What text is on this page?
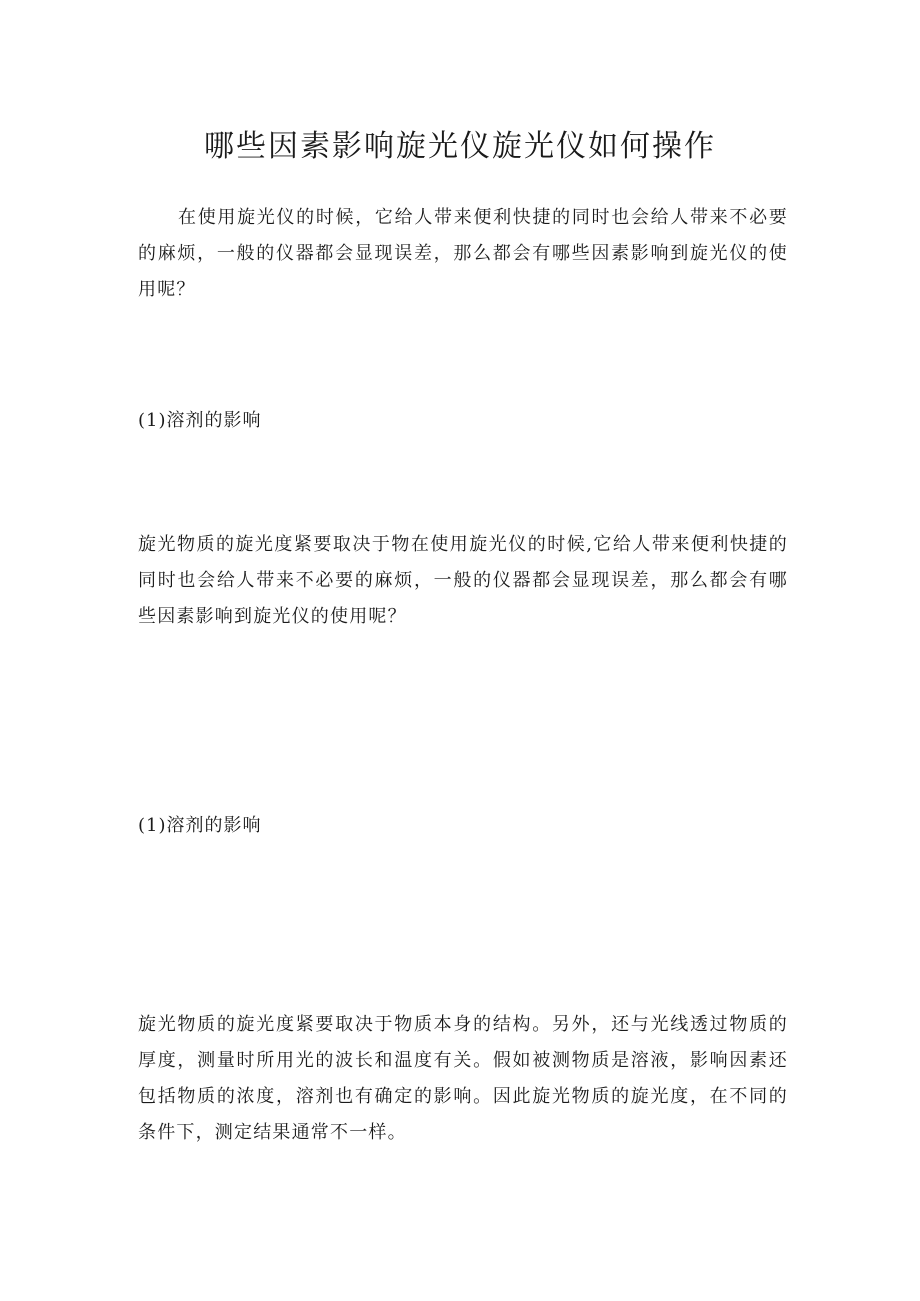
哪些因素影响旋光仪旋光仪如何操作

在使用旋光仪的时候，它给人带来便利快捷的同时也会给人带来不必要的麻烦，一般的仪器都会显现误差，那么都会有哪些因素影响到旋光仪的使用呢？

(1)溶剂的影响

旋光物质的旋光度紧要取决于物在使用旋光仪的时候,它给人带来便利快捷的同时也会给人带来不必要的麻烦，一般的仪器都会显现误差，那么都会有哪些因素影响到旋光仪的使用呢？

(1)溶剂的影响

旋光物质的旋光度紧要取决于物质本身的结构。另外，还与光线透过物质的厚度，测量时所用光的波长和温度有关。假如被测物质是溶液，影响因素还包括物质的浓度，溶剂也有确定的影响。因此旋光物质的旋光度，在不同的条件下，测定结果通常不一样。
